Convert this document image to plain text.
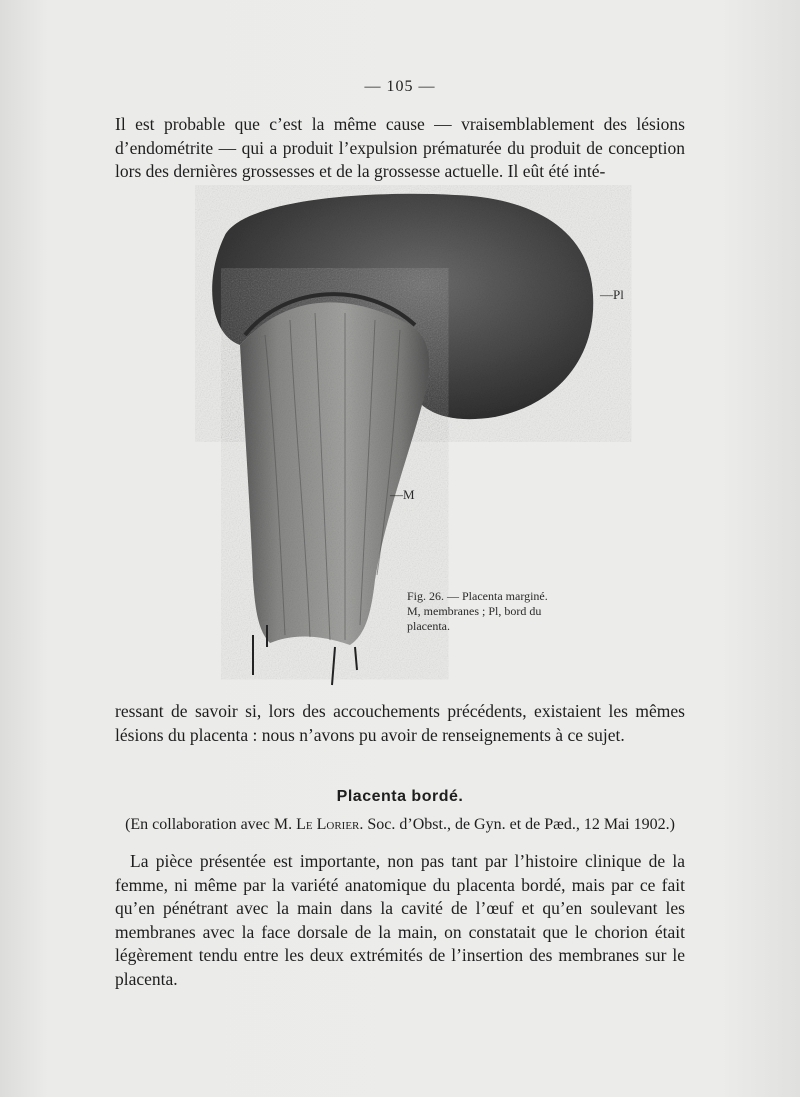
— 105 —

Il est probable que c’est la même cause — vraisemblablement des lésions d’endométrite — qui a produit l’expulsion prématurée du produit de conception lors des dernières grossesses et de la grossesse actuelle. Il eût été inté-

—Pl
—M
Fig. 26. — Placenta marginé.
M, membranes ; Pl, bord du
placenta.

ressant de savoir si, lors des accouchements précédents, existaient les mêmes lésions du placenta : nous n’avons pu avoir de renseignements à ce sujet.

Placenta bordé.
(En collaboration avec M. Le Lorier. Soc. d’Obst., de Gyn. et de Pæd., 12 Mai 1902.)

La pièce présentée est importante, non pas tant par l’histoire clinique de la femme, ni même par la variété anatomique du placenta bordé, mais par ce fait qu’en pénétrant avec la main dans la cavité de l’œuf et qu’en soulevant les membranes avec la face dorsale de la main, on constatait que le chorion était légèrement tendu entre les deux extrémités de l’insertion des membranes sur le placenta.
